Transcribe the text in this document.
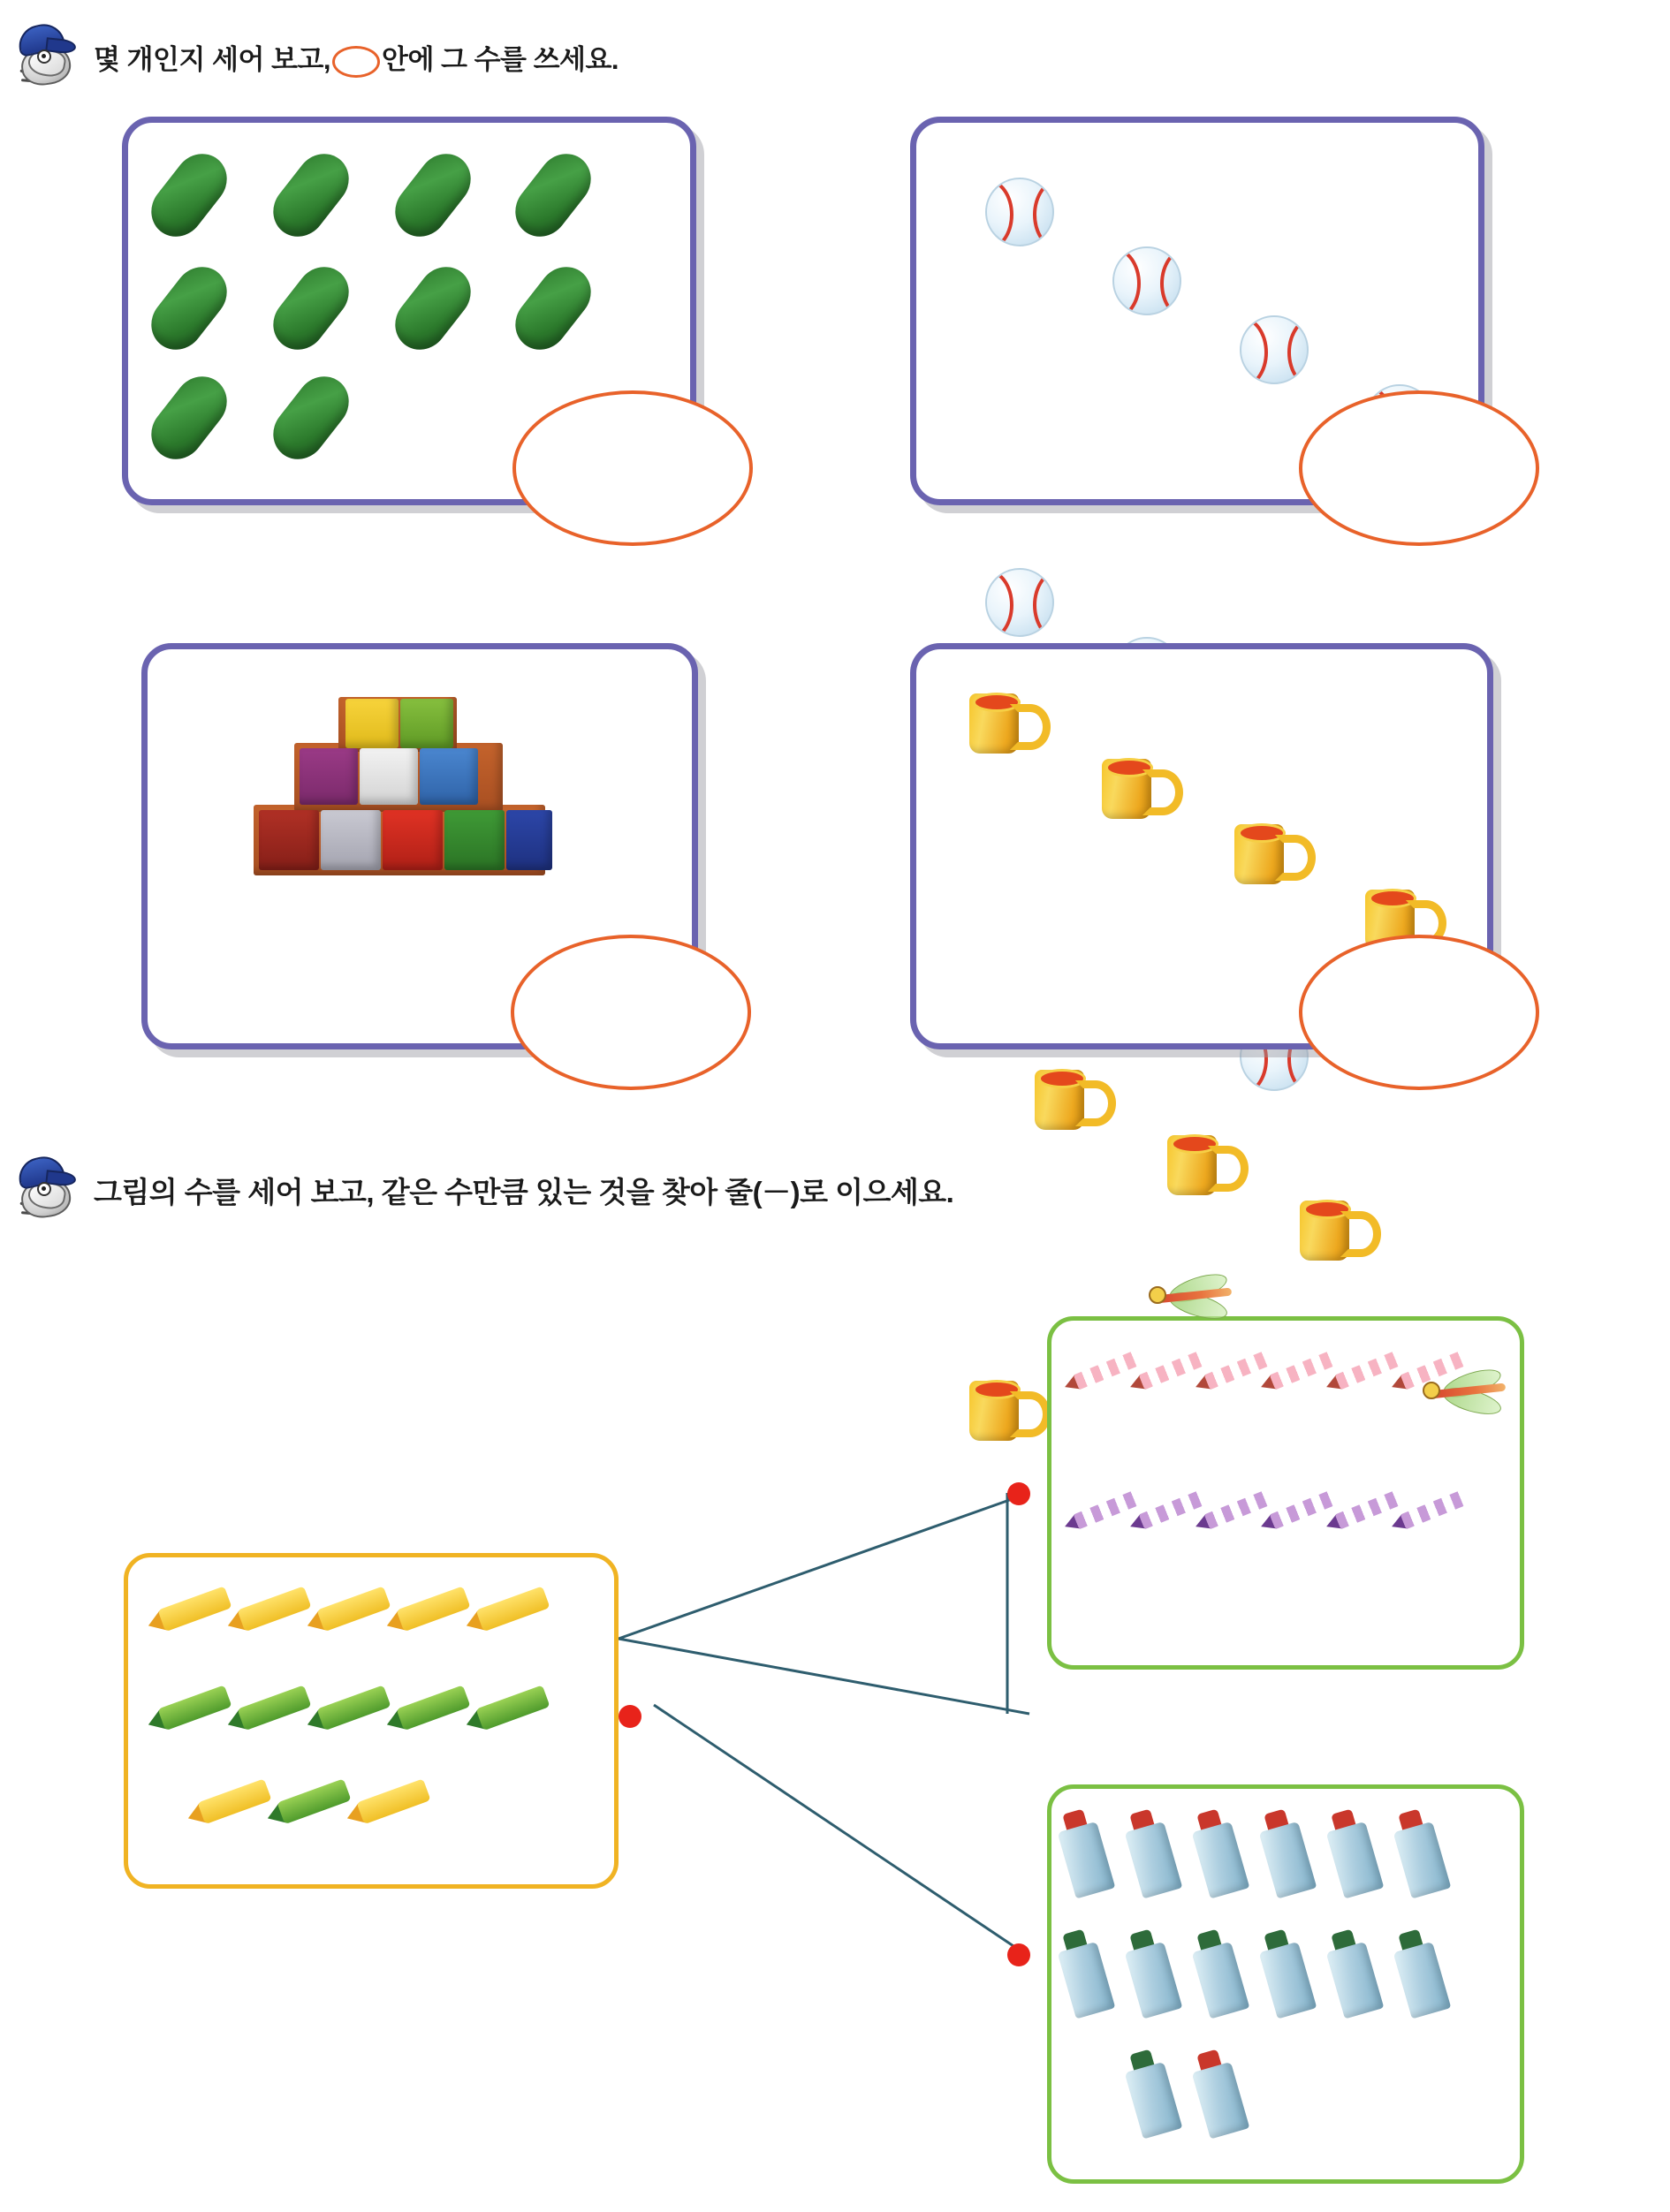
몇 개인지 세어 보고, 안에 그 수를 쓰세요.
그림의 수를 세어 보고, 같은 수만큼 있는 것을 찾아 줄(－)로 이으세요.
